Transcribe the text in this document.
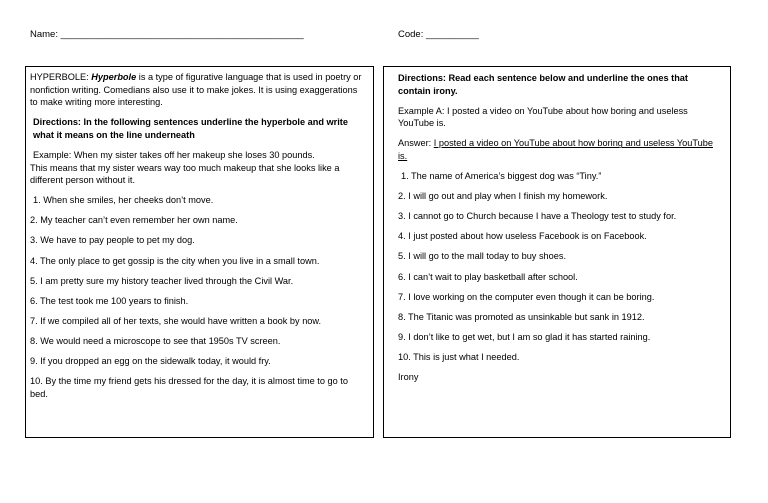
Name: ______________________________________________	Code: __________

HYPERBOLE: Hyperbole is a type of figurative language that is used in poetry or nonfiction writing. Comedians also use it to make jokes. It is using exaggerations to make writing more interesting.

Directions: In the following sentences underline the hyperbole and write what it means on the line underneath

Example: When my sister takes off her makeup she loses 30 pounds.
This means that my sister wears way too much makeup that she looks like a different person without it.

1. When she smiles, her cheeks don’t move.

2. My teacher can’t even remember her own name.

3. We have to pay people to pet my dog.

4. The only place to get gossip is the city when you live in a small town.

5. I am pretty sure my history teacher lived through the Civil War.

6. The test took me 100 years to finish.

7. If we compiled all of her texts, she would have written a book by now.

8. We would need a microscope to see that 1950s TV screen.

9. If you dropped an egg on the sidewalk today, it would fry.

10. By the time my friend gets his dressed for the day, it is almost time to go to bed.

Directions: Read each sentence below and underline the ones that contain irony.

Example A: I posted a video on YouTube about how boring and useless YouTube is.

Answer: I posted a video on YouTube about how boring and useless YouTube is.

1. The name of America’s biggest dog was “Tiny.”

2. I will go out and play when I finish my homework.

3. I cannot go to Church because I have a Theology test to study for.

4. I just posted about how useless Facebook is on Facebook.

5. I will go to the mall today to buy shoes.

6. I can’t wait to play basketball after school.

7. I love working on the computer even though it can be boring.

8. The Titanic was promoted as unsinkable but sank in 1912.

9. I don’t like to get wet, but I am so glad it has started raining.

10. This is just what I needed.

Irony
